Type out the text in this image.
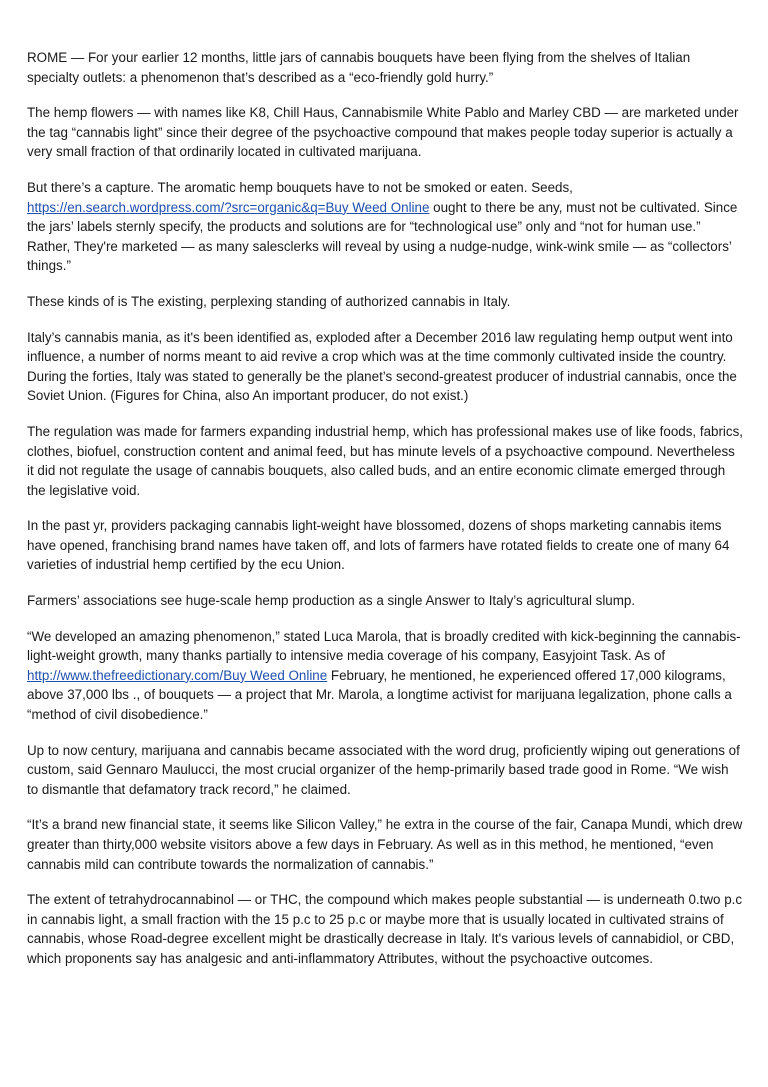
ROME — For your earlier 12 months, little jars of cannabis bouquets have been flying from the shelves of Italian specialty outlets: a phenomenon that’s described as a “eco-friendly gold hurry.”

The hemp flowers — with names like K8, Chill Haus, Cannabismile White Pablo and Marley CBD — are marketed under the tag “cannabis light” since their degree of the psychoactive compound that makes people today superior is actually a very small fraction of that ordinarily located in cultivated marijuana.

But there’s a capture. The aromatic hemp bouquets have to not be smoked or eaten. Seeds, https://en.search.wordpress.com/?src=organic&q=Buy Weed Online ought to there be any, must not be cultivated. Since the jars’ labels sternly specify, the products and solutions are for “technological use” only and “not for human use.” Rather, They're marketed — as many salesclerks will reveal by using a nudge-nudge, wink-wink smile — as “collectors’ things.”

These kinds of is The existing, perplexing standing of authorized cannabis in Italy.

Italy’s cannabis mania, as it's been identified as, exploded after a December 2016 law regulating hemp output went into influence, a number of norms meant to aid revive a crop which was at the time commonly cultivated inside the country. During the forties, Italy was stated to generally be the planet’s second-greatest producer of industrial cannabis, once the Soviet Union. (Figures for China, also An important producer, do not exist.)

The regulation was made for farmers expanding industrial hemp, which has professional makes use of like foods, fabrics, clothes, biofuel, construction content and animal feed, but has minute levels of a psychoactive compound. Nevertheless it did not regulate the usage of cannabis bouquets, also called buds, and an entire economic climate emerged through the legislative void.

In the past yr, providers packaging cannabis light-weight have blossomed, dozens of shops marketing cannabis items have opened, franchising brand names have taken off, and lots of farmers have rotated fields to create one of many 64 varieties of industrial hemp certified by the ecu Union.

Farmers’ associations see huge-scale hemp production as a single Answer to Italy’s agricultural slump.

“We developed an amazing phenomenon,” stated Luca Marola, that is broadly credited with kick-beginning the cannabis-light-weight growth, many thanks partially to intensive media coverage of his company, Easyjoint Task. As of http://www.thefreedictionary.com/Buy Weed Online February, he mentioned, he experienced offered 17,000 kilograms, above 37,000 lbs ., of bouquets — a project that Mr. Marola, a longtime activist for marijuana legalization, phone calls a “method of civil disobedience.”

Up to now century, marijuana and cannabis became associated with the word drug, proficiently wiping out generations of custom, said Gennaro Maulucci, the most crucial organizer of the hemp-primarily based trade good in Rome. “We wish to dismantle that defamatory track record,” he claimed.

“It’s a brand new financial state, it seems like Silicon Valley,” he extra in the course of the fair, Canapa Mundi, which drew greater than thirty,000 website visitors above a few days in February. As well as in this method, he mentioned, “even cannabis mild can contribute towards the normalization of cannabis.”

The extent of tetrahydrocannabinol — or THC, the compound which makes people substantial — is underneath 0.two p.c in cannabis light, a small fraction with the 15 p.c to 25 p.c or maybe more that is usually located in cultivated strains of cannabis, whose Road-degree excellent might be drastically decrease in Italy. It's various levels of cannabidiol, or CBD, which proponents say has analgesic and anti-inflammatory Attributes, without the psychoactive outcomes.
